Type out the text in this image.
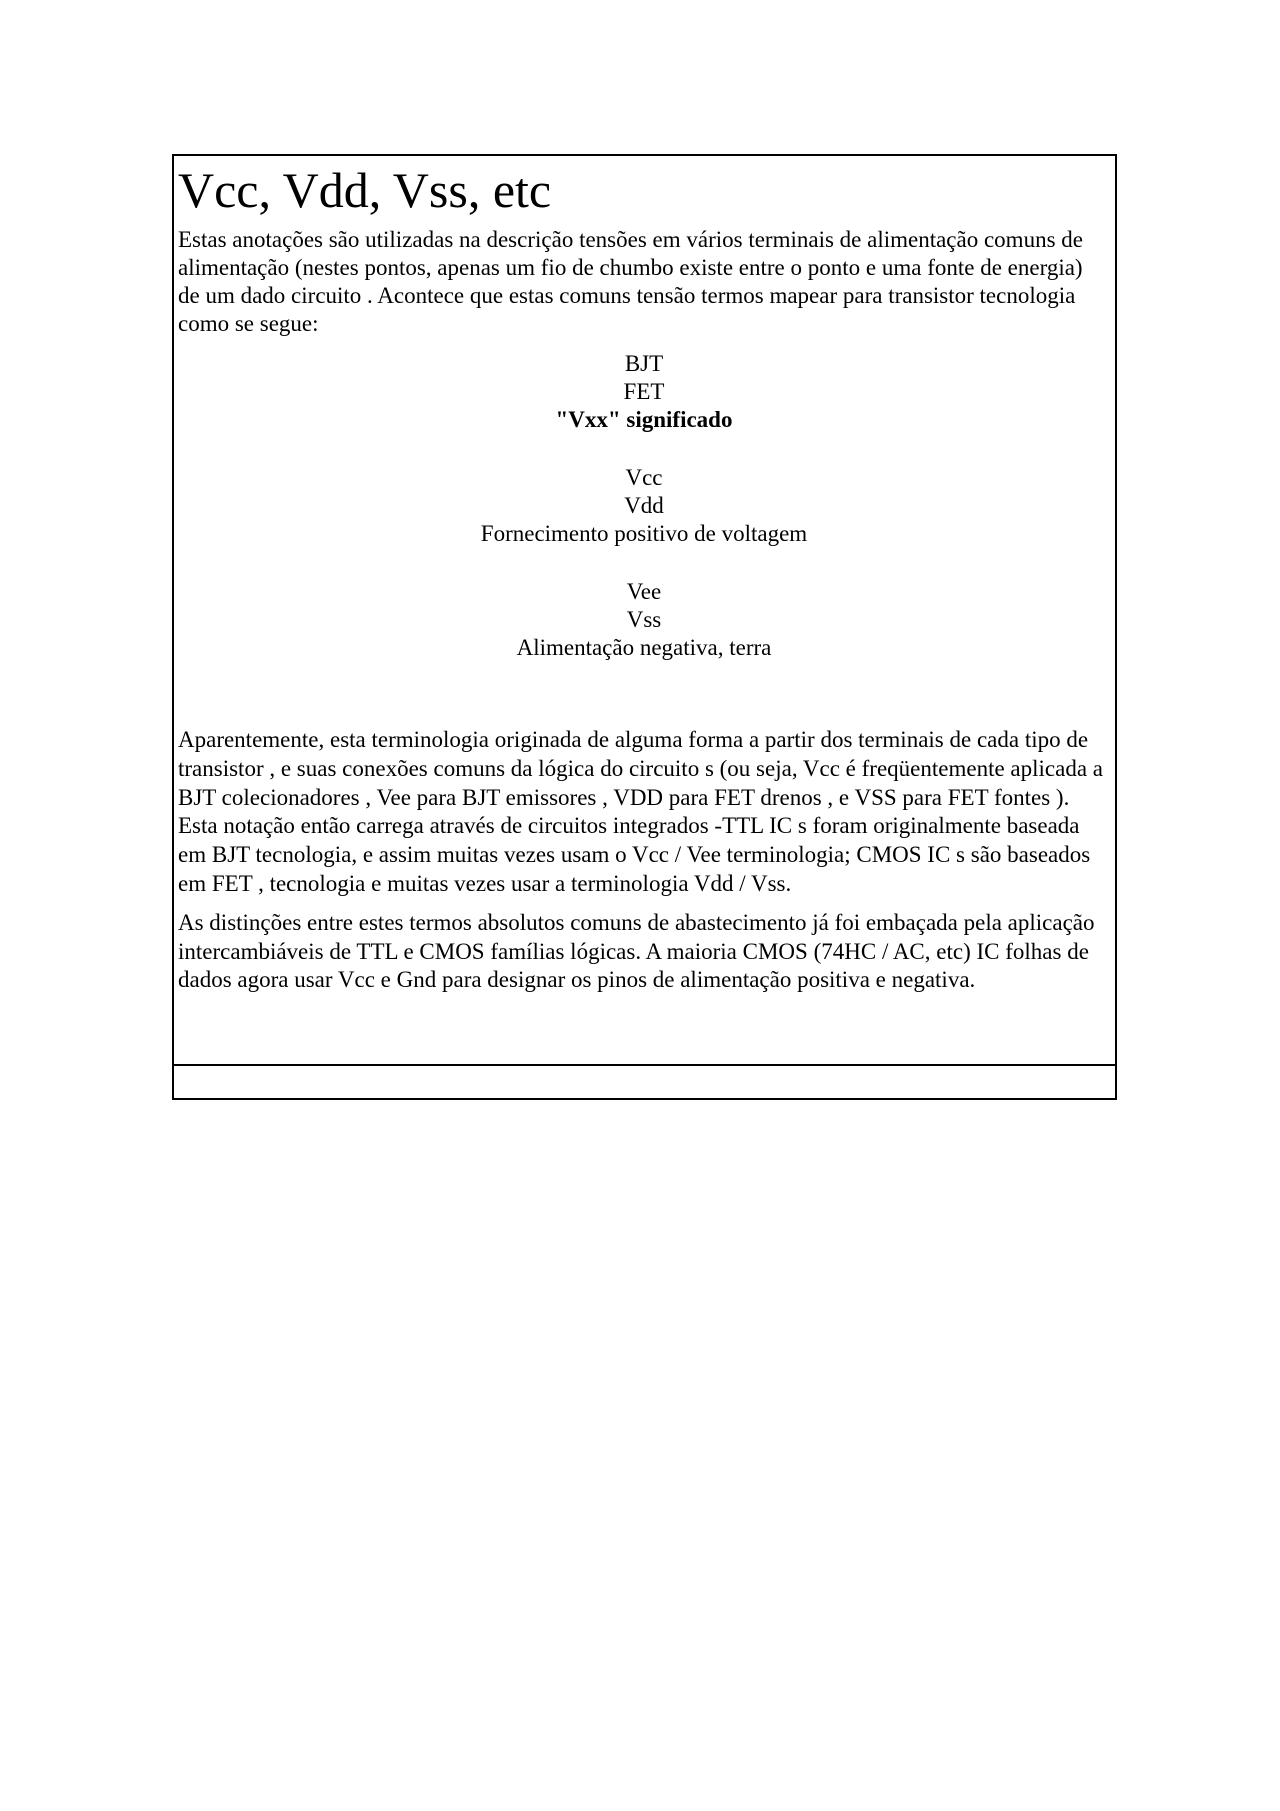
Vcc, Vdd, Vss, etc

Estas anotações são utilizadas na descrição tensões em vários terminais de alimentação comuns de alimentação (nestes pontos, apenas um fio de chumbo existe entre o ponto e uma fonte de energia) de um dado circuito . Acontece que estas comuns tensão termos mapear para transistor tecnologia como se segue:

BJT
FET
"Vxx" significado
Vcc
Vdd
Fornecimento positivo de voltagem
Vee
Vss
Alimentação negativa, terra

Aparentemente, esta terminologia originada de alguma forma a partir dos terminais de cada tipo de transistor , e suas conexões comuns da lógica do circuito s (ou seja, Vcc é freqüentemente aplicada a BJT colecionadores , Vee para BJT emissores , VDD para FET drenos , e VSS para FET fontes ). Esta notação então carrega através de circuitos integrados -TTL IC s foram originalmente baseada em BJT tecnologia, e assim muitas vezes usam o Vcc / Vee terminologia; CMOS IC s são baseados em FET , tecnologia e muitas vezes usar a terminologia Vdd / Vss.

As distinções entre estes termos absolutos comuns de abastecimento já foi embaçada pela aplicação intercambiáveis de TTL e CMOS famílias lógicas. A maioria CMOS (74HC / AC, etc) IC folhas de dados agora usar Vcc e Gnd para designar os pinos de alimentação positiva e negativa.
